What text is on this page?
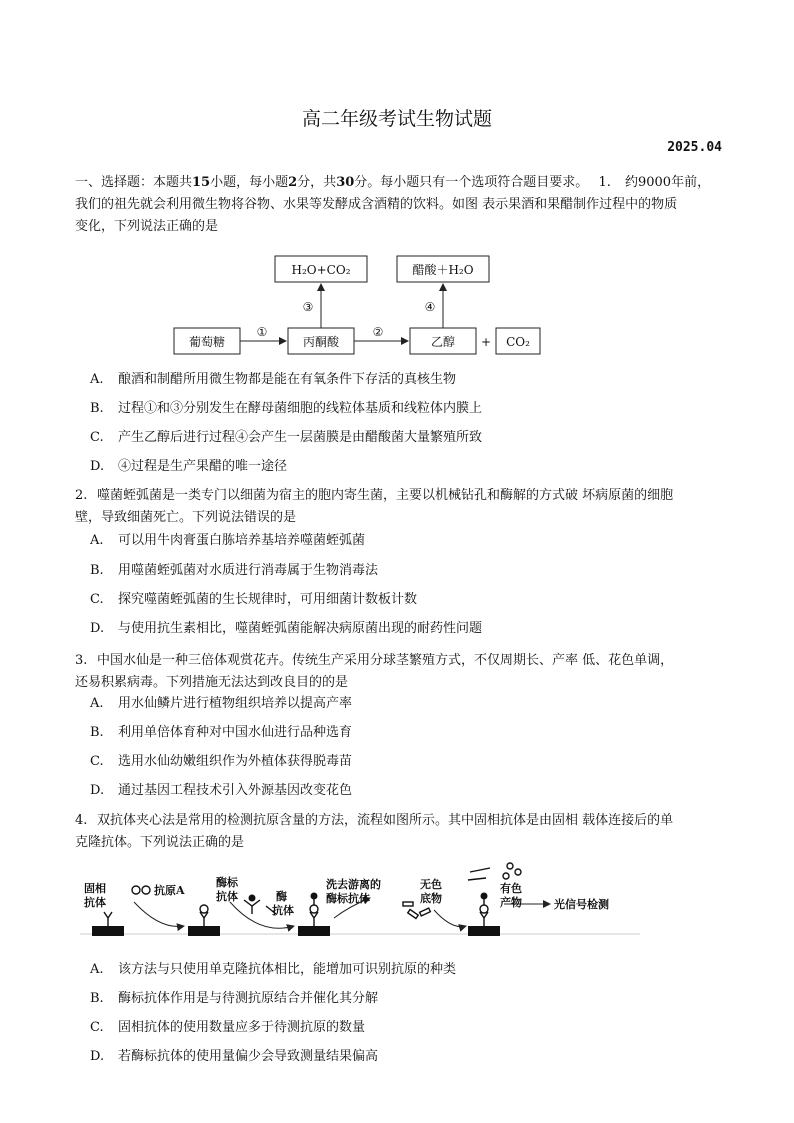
高二年级考试生物试题
2025.04
一、选择题：本题共15小题，每小题2分，共30分。每小题只有一个选项符合题目要求。 1. 约9000年前，
我们的祖先就会利用微生物将谷物、水果等发酵成含酒精的饮料。如图 表示果酒和果醋制作过程中的物质
变化，下列说法正确的是
葡萄糖	丙酮酸	乙醇	CO₂
H₂O+CO₂	醋酸＋H₂O
+
①	②
③	④
A. 酿酒和制醋所用微生物都是能在有氧条件下存活的真核生物
B. 过程①和③分别发生在酵母菌细胞的线粒体基质和线粒体内膜上
C. 产生乙醇后进行过程④会产生一层菌膜是由醋酸菌大量繁殖所致
D. ④过程是生产果醋的唯一途径
2. 噬菌蛭弧菌是一类专门以细菌为宿主的胞内寄生菌，主要以机械钻孔和酶解的方式破 坏病原菌的细胞
壁，导致细菌死亡。下列说法错误的是
A. 可以用牛肉膏蛋白胨培养基培养噬菌蛭弧菌
B. 用噬菌蛭弧菌对水质进行消毒属于生物消毒法
C. 探究噬菌蛭弧菌的生长规律时，可用细菌计数板计数
D. 与使用抗生素相比，噬菌蛭弧菌能解决病原菌出现的耐药性问题
3. 中国水仙是一种三倍体观赏花卉。传统生产采用分球茎繁殖方式，不仅周期长、产率 低、花色单调，
还易积累病毒。下列措施无法达到改良目的的是
A. 用水仙鳞片进行植物组织培养以提高产率
B. 利用单倍体育种对中国水仙进行品种选育
C. 选用水仙幼嫩组织作为外植体获得脱毒苗
D. 通过基因工程技术引入外源基因改变花色
4. 双抗体夹心法是常用的检测抗原含量的方法，流程如图所示。其中固相抗体是由固相 载体连接后的单
克隆抗体。下列说法正确的是
固相
抗体
抗原A
酶标
抗体	酶
抗体
洗去游离的
酶标抗体
无色
底物
有色
产物	光信号检测
A. 该方法与只使用单克隆抗体相比，能增加可识别抗原的种类
B. 酶标抗体作用是与待测抗原结合并催化其分解
C. 固相抗体的使用数量应多于待测抗原的数量
D. 若酶标抗体的使用量偏少会导致测量结果偏高
